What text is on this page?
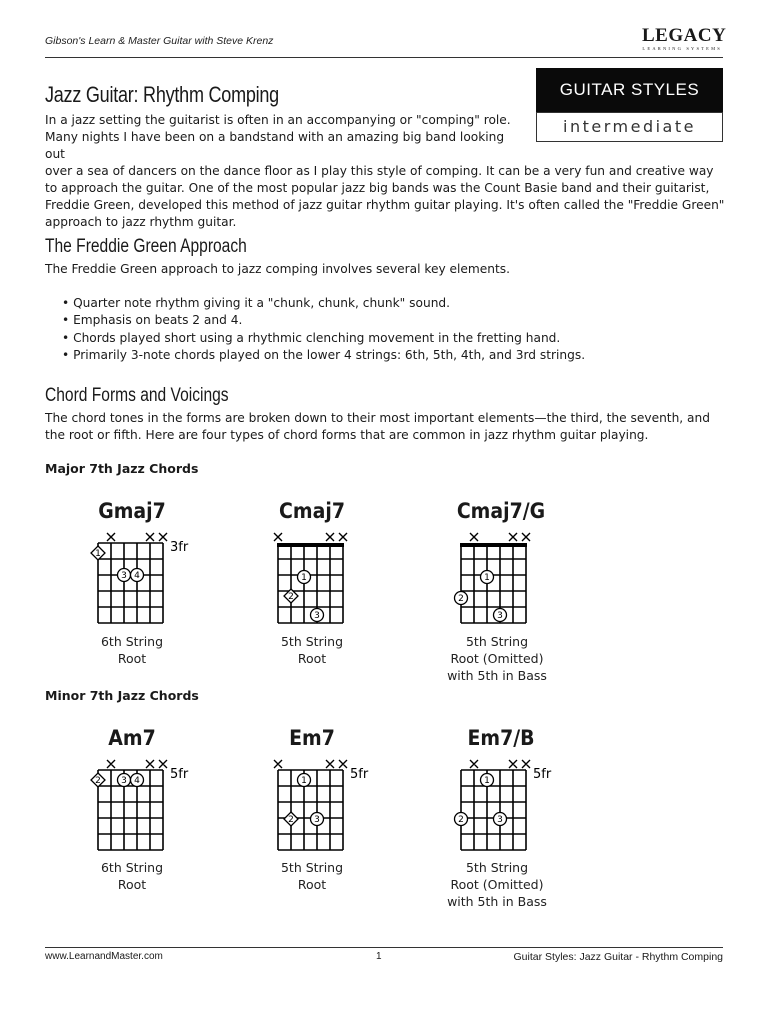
Gibson's Learn & Master Guitar with Steve Krenz	LEGACY
LEARNING SYSTEMS
GUITAR STYLES
intermediate
Jazz Guitar: Rhythm Comping
In a jazz setting the guitarist is often in an accompanying or "comping" role.
Many nights I have been on a bandstand with an amazing big band looking out
over a sea of dancers on the dance floor as I play this style of comping. It can be a very fun and creative way to approach the guitar. One of the most popular jazz big bands was the Count Basie band and their guitarist, Freddie Green, developed this method of jazz guitar rhythm guitar playing. It's often called the "Freddie Green" approach to jazz rhythm guitar.
The Freddie Green Approach
The Freddie Green approach to jazz comping involves several key elements.
• Quarter note rhythm giving it a "chunk, chunk, chunk" sound.
• Emphasis on beats 2 and 4.
• Chords played short using a rhythmic clenching movement in the fretting hand.
• Primarily 3-note chords played on the lower 4 strings: 6th, 5th, 4th, and 3rd strings.
Chord Forms and Voicings
The chord tones in the forms are broken down to their most important elements—the third, the seventh, and the root or fifth. Here are four types of chord forms that are common in jazz rhythm guitar playing.
Major 7th Jazz Chords
Minor 7th Jazz Chords
Gmaj7	Cmaj7	Cmaj7/G
Am7	Em7	Em7/B
1
3 4
3fr
1
2
3
1
2
3
2 3 4 5fr	1
2 3
5fr	1
2	3
5fr
6th String
Root
5th String
Root
5th String
Root (Omitted)
with 5th in Bass
6th String
Root
5th String
Root
5th String
Root (Omitted)
with 5th in Bass
www.LearnandMaster.com	1	Guitar Styles: Jazz Guitar - Rhythm Comping
